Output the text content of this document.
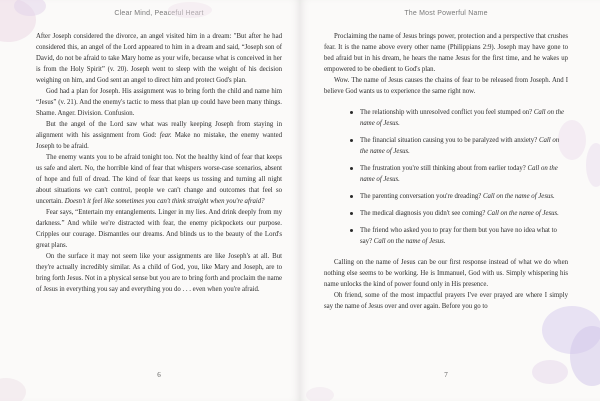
Clear Mind, Peaceful Heart

After Joseph considered the divorce, an angel visited him in a dream: "But after he had considered this, an angel of the Lord appeared to him in a dream and said, “Joseph son of David, do not be afraid to take Mary home as your wife, because what is conceived in her is from the Holy Spirit” (v. 20). Joseph went to sleep with the weight of his decision weighing on him, and God sent an angel to direct him and protect God's plan.

God had a plan for Joseph. His assignment was to bring forth the child and name him “Jesus” (v. 21). And the enemy's tactic to mess that plan up could have been many things. Shame. Anger. Division. Confusion.

But the angel of the Lord saw what was really keeping Joseph from staying in alignment with his assignment from God: fear. Make no mistake, the enemy wanted Joseph to be afraid.

The enemy wants you to be afraid tonight too. Not the healthy kind of fear that keeps us safe and alert. No, the horrible kind of fear that whispers worse-case scenarios, absent of hope and full of dread. The kind of fear that keeps us tossing and turning all night about situations we can't control, people we can't change and outcomes that feel so uncertain. Doesn't it feel like sometimes you can't think straight when you're afraid?

Fear says, “Entertain my entanglements. Linger in my lies. And drink deeply from my darkness.” And while we're distracted with fear, the enemy pickpockets our purpose. Cripples our courage. Dismantles our dreams. And blinds us to the beauty of the Lord's great plans.

On the surface it may not seem like your assignments are like Joseph's at all. But they're actually incredibly similar. As a child of God, you, like Mary and Joseph, are to bring forth Jesus. Not in a physical sense but you are to bring forth and proclaim the name of Jesus in everything you say and everything you do . . . even when you're afraid.

6
The Most Powerful Name

Proclaiming the name of Jesus brings power, protection and a perspective that crushes fear. It is the name above every other name (Philippians 2:9). Joseph may have gone to bed afraid but in his dream, he hears the name Jesus for the first time, and he wakes up empowered to be obedient to God's plan.

Wow. The name of Jesus causes the chains of fear to be released from Joseph. And I believe God wants us to experience the same right now.

The relationship with unresolved conflict you feel stumped on? Call on the name of Jesus.
The financial situation causing you to be paralyzed with anxiety? Call on the name of Jesus.
The frustration you're still thinking about from earlier today? Call on the name of Jesus.
The parenting conversation you're dreading? Call on the name of Jesus.
The medical diagnosis you didn't see coming? Call on the name of Jesus.
The friend who asked you to pray for them but you have no idea what to say? Call on the name of Jesus.

Calling on the name of Jesus can be our first response instead of what we do when nothing else seems to be working. He is Immanuel, God with us. Simply whispering his name unlocks the kind of power found only in His presence.

Oh friend, some of the most impactful prayers I've ever prayed are where I simply say the name of Jesus over and over again. Before you go to

7
